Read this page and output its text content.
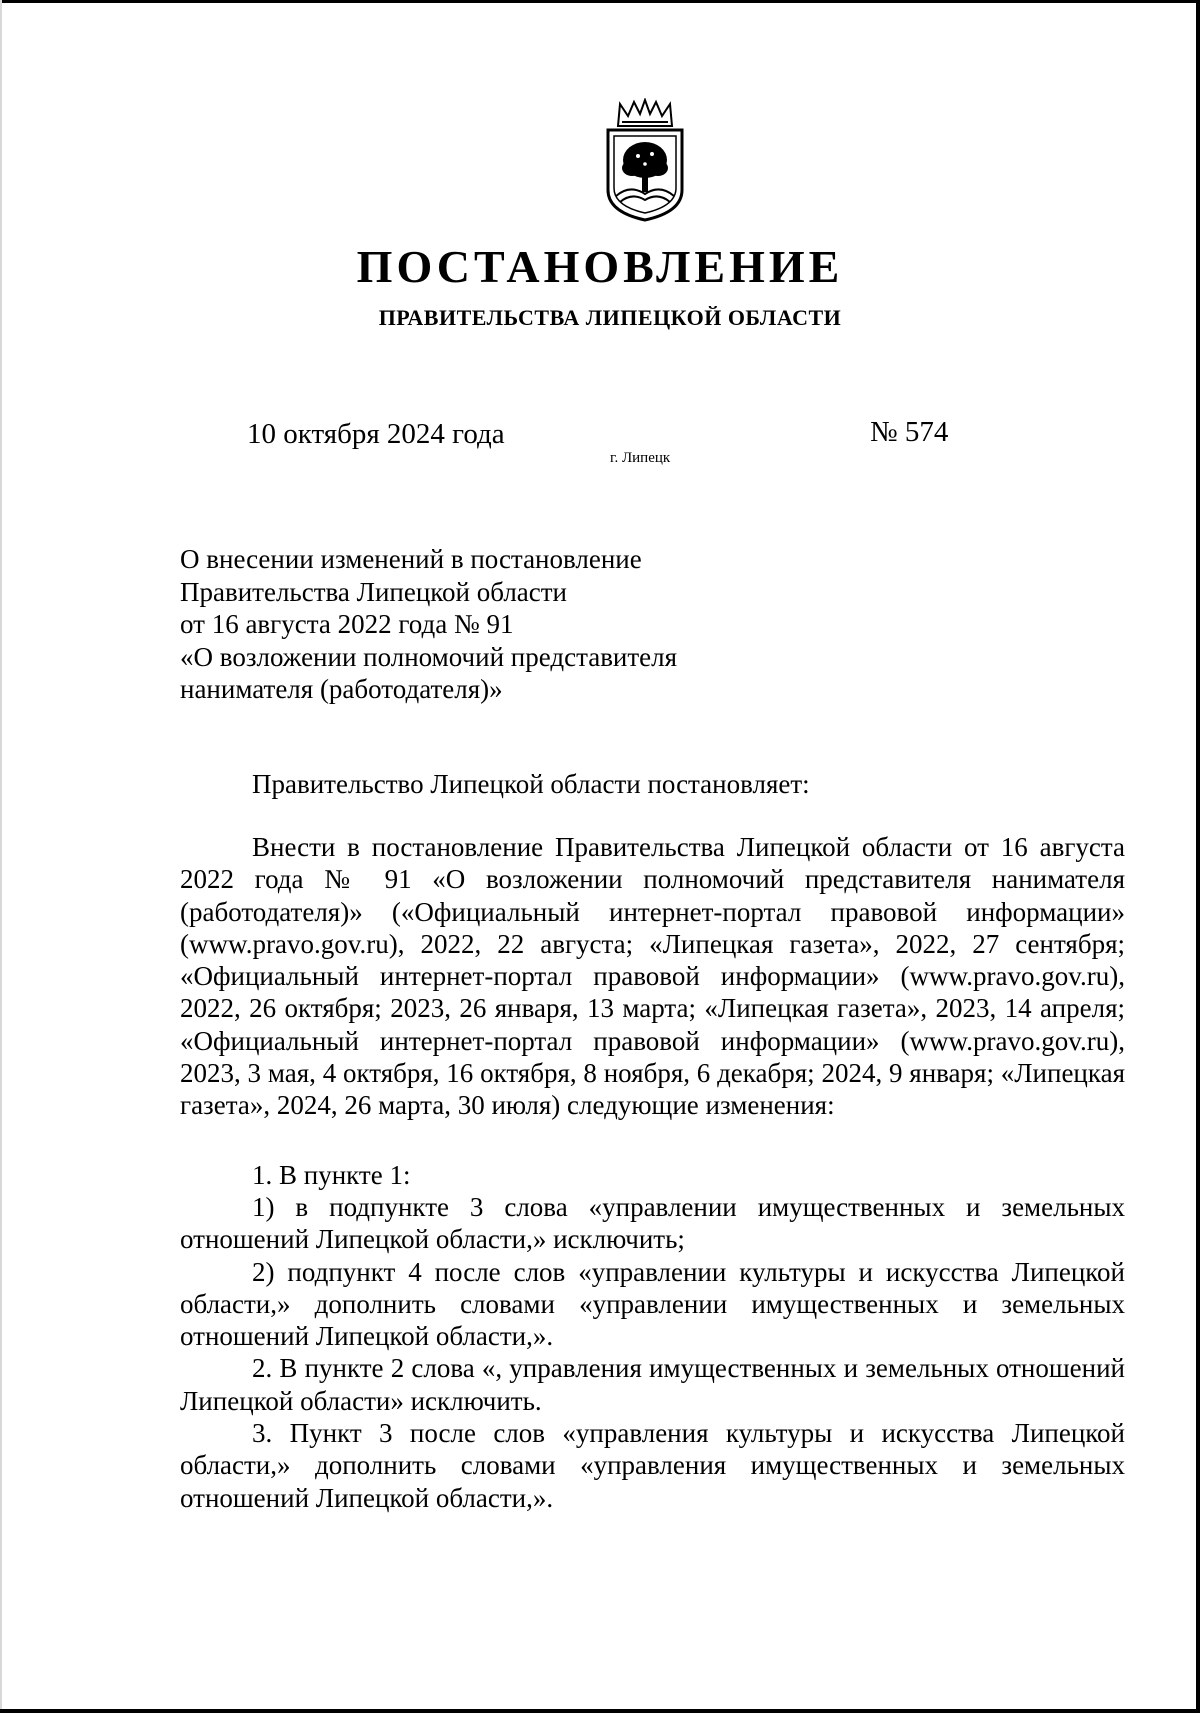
ПОСТАНОВЛЕНИЕ
ПРАВИТЕЛЬСТВА ЛИПЕЦКОЙ ОБЛАСТИ
10 октября 2024 года
г. Липецк
№ 574
О внесении изменений в постановление
Правительства Липецкой области
от 16 августа 2022 года № 91
«О возложении полномочий представителя
нанимателя (работодателя)»
Правительство Липецкой области постановляет:

Внести в постановление Правительства Липецкой области от 16 августа 2022 года № 91 «О возложении полномочий представителя нанимателя (работодателя)» («Официальный интернет-портал правовой информации» (www.pravo.gov.ru), 2022, 22 августа; «Липецкая газета», 2022, 27 сентября; «Официальный интернет-портал правовой информации» (www.pravo.gov.ru), 2022, 26 октября; 2023, 26 января, 13 марта; «Липецкая газета», 2023, 14 апреля; «Официальный интернет-портал правовой информации» (www.pravo.gov.ru), 2023, 3 мая, 4 октября, 16 октября, 8 ноября, 6 декабря; 2024, 9 января; «Липецкая газета», 2024, 26 марта, 30 июля) следующие изменения:

1. В пункте 1:

1) в подпункте 3 слова «управлении имущественных и земельных отношений Липецкой области,» исключить;

2) подпункт 4 после слов «управлении культуры и искусства Липецкой области,» дополнить словами «управлении имущественных и земельных отношений Липецкой области,».

2. В пункте 2 слова «, управления имущественных и земельных отношений Липецкой области» исключить.

3. Пункт 3 после слов «управления культуры и искусства Липецкой области,» дополнить словами «управления имущественных и земельных отношений Липецкой области,».
